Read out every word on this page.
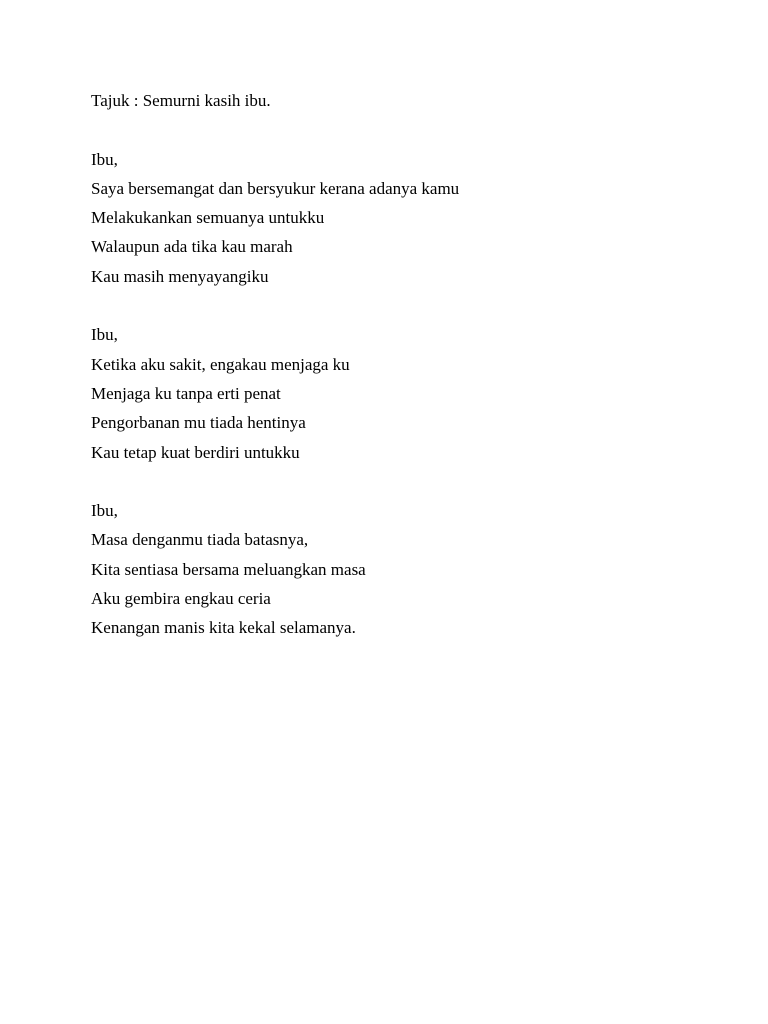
Tajuk : Semurni kasih ibu.
Ibu,
Saya bersemangat dan bersyukur kerana adanya kamu
Melakukankan semuanya untukku
Walaupun ada tika kau marah
Kau masih menyayangiku
Ibu,
Ketika aku sakit, engakau menjaga ku
Menjaga ku tanpa erti penat
Pengorbanan mu tiada hentinya
Kau tetap kuat berdiri untukku
Ibu,
Masa denganmu tiada batasnya,
Kita sentiasa bersama meluangkan masa
Aku gembira engkau ceria
Kenangan manis kita kekal selamanya.
